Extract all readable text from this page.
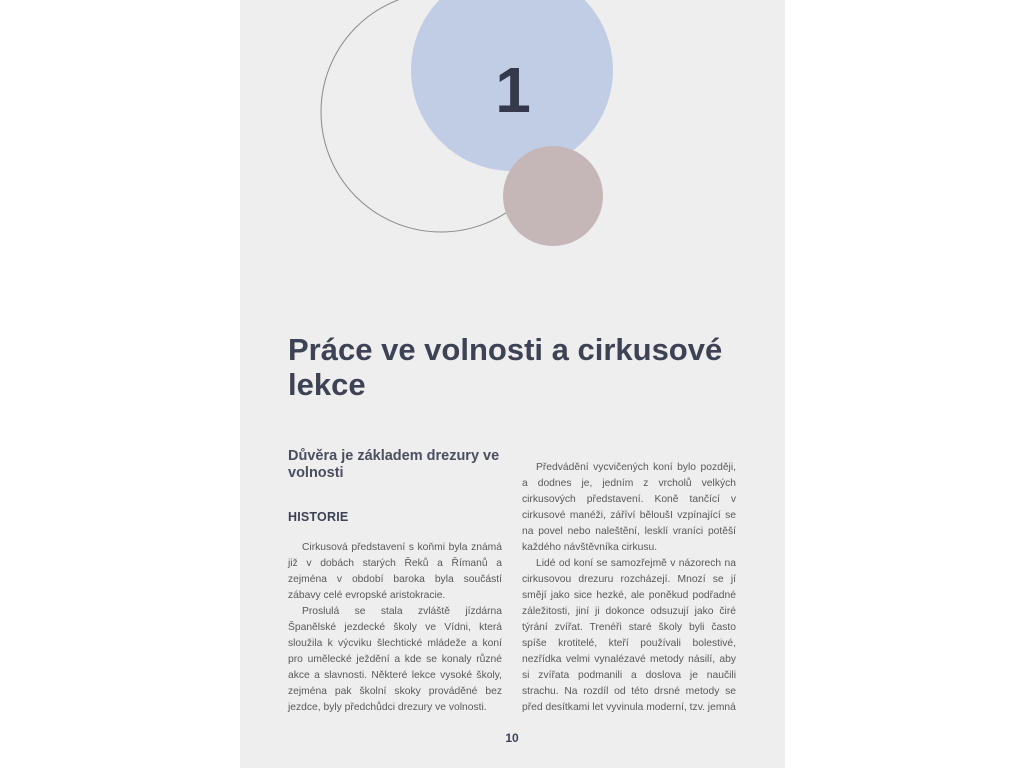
1

Práce ve volnosti a cirkusové lekce
Důvěra je základem drezury ve volnosti
HISTORIE

Cirkusová představení s koňmi byla známá již v dobách starých Řeků a Římanů a zejména v období baroka byla součástí zábavy celé evropské aristokracie.

Proslulá se stala zvláště jízdárna Španělské jezdecké školy ve Vídni, která sloužila k výcviku šlechtické mládeže a koní pro umělecké ježdění a kde se konaly různé akce a slavnosti. Některé lekce vysoké školy, zejména pak školní skoky prováděné bez jezdce, byly předchůdci drezury ve volnosti.

Předvádění vycvičených koní bylo později, a dodnes je, jedním z vrcholů velkých cirkusových představení. Koně tančící v cirkusové manéži, záříví běloušI vzpínající se na povel nebo naleštění, lesklí vraníci potěší každého návštěvníka cirkusu.

Lidé od koní se samozřejmě v názorech na cirkusovou drezuru rozcházejí. Mnozí se jí smějí jako sice hezké, ale poněkud podřadné záležitosti, jiní ji dokonce odsuzují jako čiré týrání zvířat. Trenéři staré školy byli často spíše krotitelé, kteří používali bolestivé, nezřídka velmi vynalézavé metody násilí, aby si zvířata podmanili a doslova je naučili strachu. Na rozdíl od této drsné metody se před desítkami let vyvinula moderní, tzv. jemná

10
